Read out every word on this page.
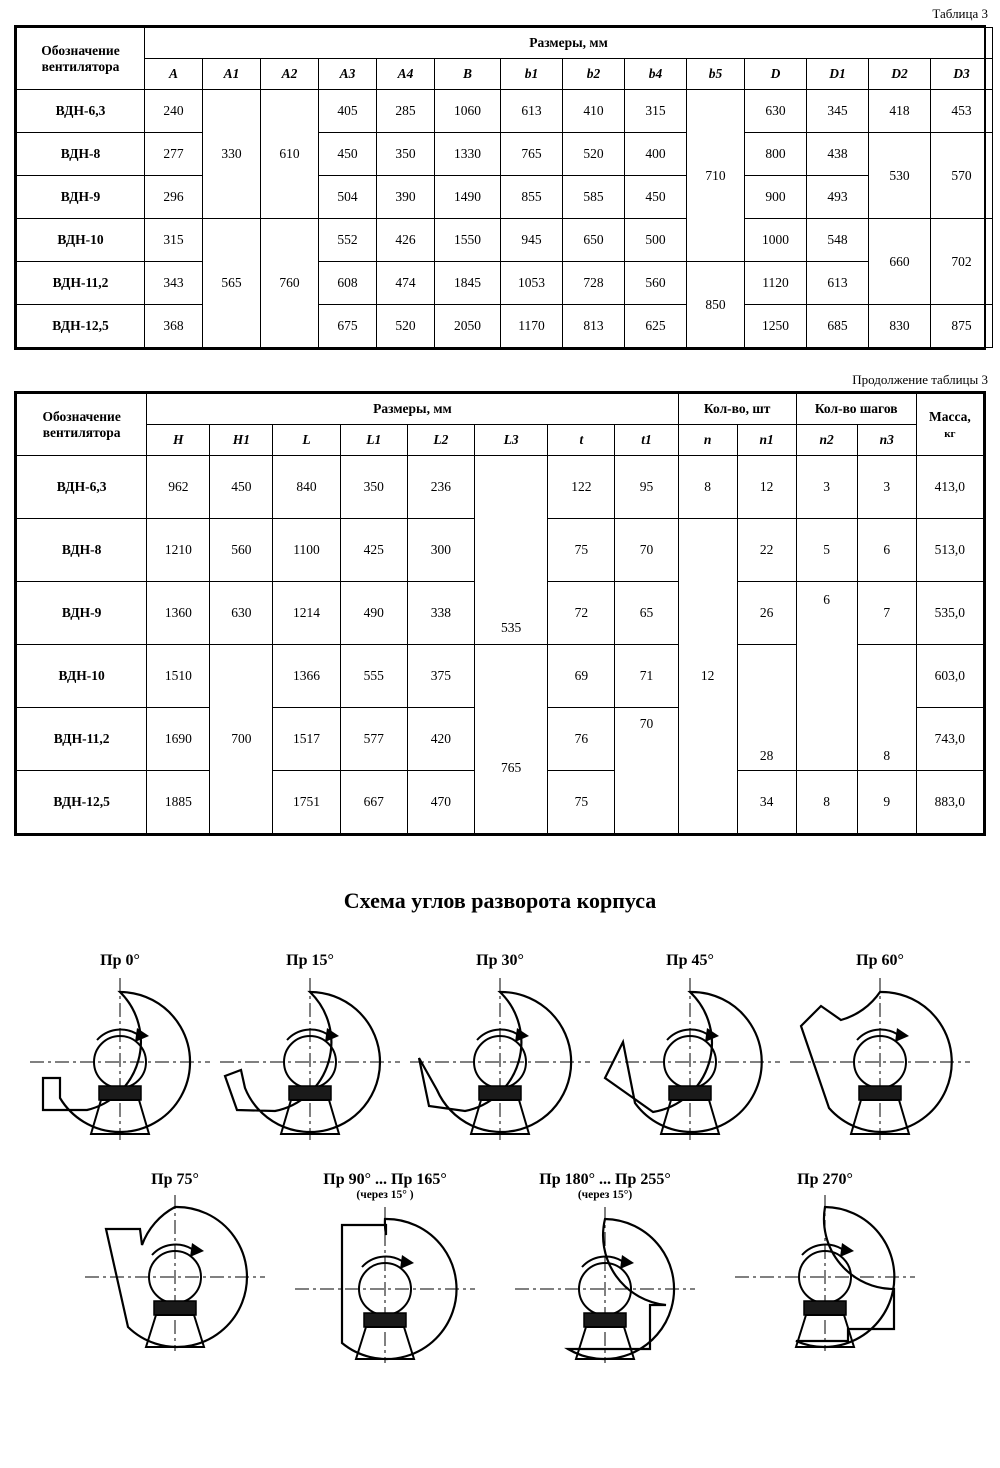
Таблица 3
Обозначение вентилятора	Размеры, мм													
	A	A1	A2	A3	A4	B	b1	b2	b4	b5	D	D1	D2	D3
ВДН-6,3	240	330	610	405	285	1060	613	410	315	710	630	345	418	453
ВДН-8	277			450	350	1330	765	520	400		800	438	530	570
ВДН-9	296			504	390	1490	855	585	450		900	493		
ВДН-10	315	565	760	552	426	1550	945	650	500		1000	548	660	702
ВДН-11,2	343			608	474	1845	1053	728	560	850	1120	613		
ВДН-12,5	368			675	520	2050	1170	813	625		1250	685	830	875
Продолжение таблицы 3
Обозначение вентилятора	Размеры, мм								Кол-во, шт		Кол-во шагов		Масса,
кг
	H	H1	L	L1	L2	L3	t	t1	n	n1	n2	n3	
ВДН-6,3	962	450	840	350	236	535	122	95	8	12	3	3	413,0
ВДН-8	1210	560	1100	425	300		75	70	12	22	5	6	513,0
ВДН-9	1360	630	1214	490	338		72	65		26	6	7	535,0
ВДН-10	1510	700	1366	555	375	765	69	71		28		8	603,0
ВДН-11,2	1690		1517	577	420		76	70					743,0
ВДН-12,5	1885		1751	667	470		75			34	8	9	883,0
Схема углов разворота корпуса
Пр 0°	Пр 15°	Пр 30°	Пр 45°	Пр 60°
Пр 75°	Пр 90° ... Пр 165°
(через 15° )
Пр 180° ... Пр 255°
(через 15°)
Пр 270°
